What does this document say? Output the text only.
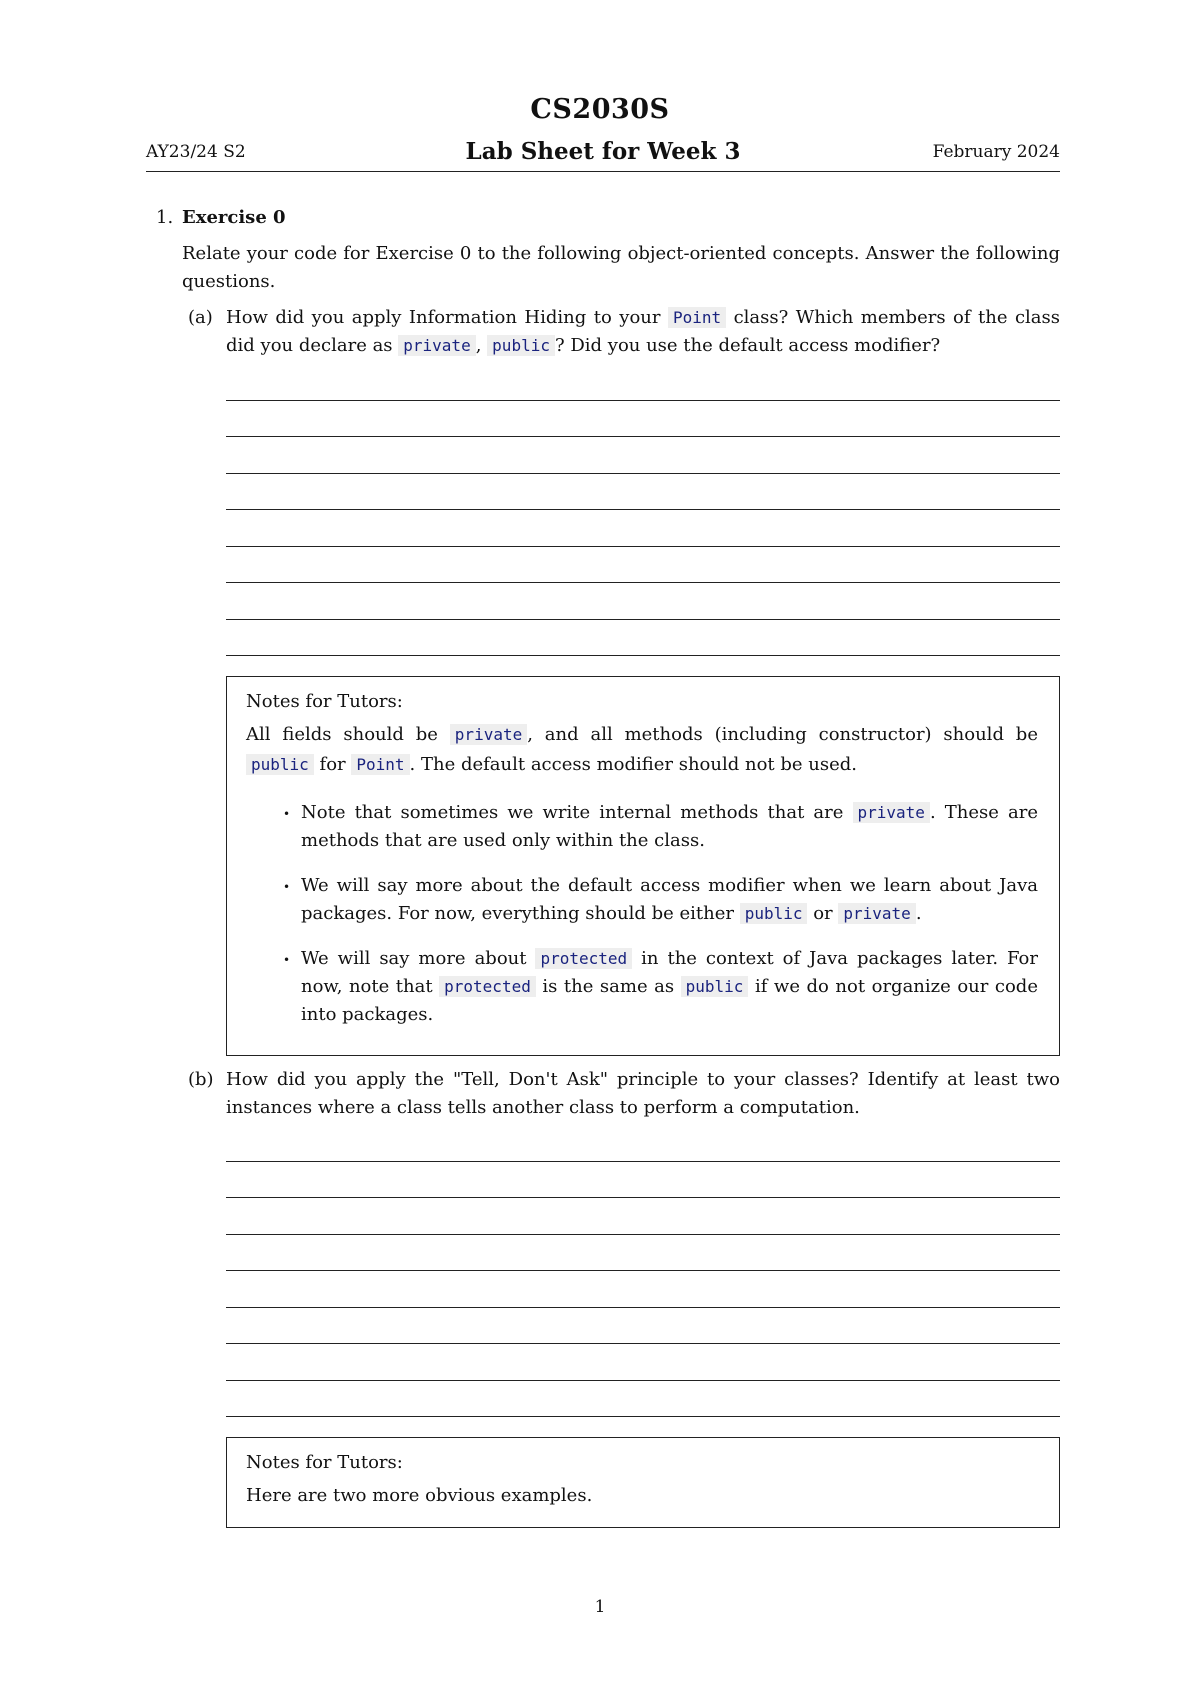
CS2030S
Lab Sheet for Week 3
AY23/24 S2	February 2024
1. Exercise 0
Relate your code for Exercise 0 to the following object-oriented concepts. Answer the following questions.
(a) How did you apply Information Hiding to your Point class? Which members of the class did you declare as private , public ? Did you use the default access modifier?
Notes for Tutors:
All fields should be private , and all methods (including constructor) should be public for Point . The default access modifier should not be used.
• Note that sometimes we write internal methods that are private . These are methods that are used only within the class.
• We will say more about the default access modifier when we learn about Java packages. For now, everything should be either public or private .
• We will say more about protected in the context of Java packages later. For now, note that protected is the same as public if we do not organize our code into packages.
(b) How did you apply the "Tell, Don't Ask" principle to your classes? Identify at least two instances where a class tells another class to perform a computation.
Notes for Tutors:
Here are two more obvious examples.
1
